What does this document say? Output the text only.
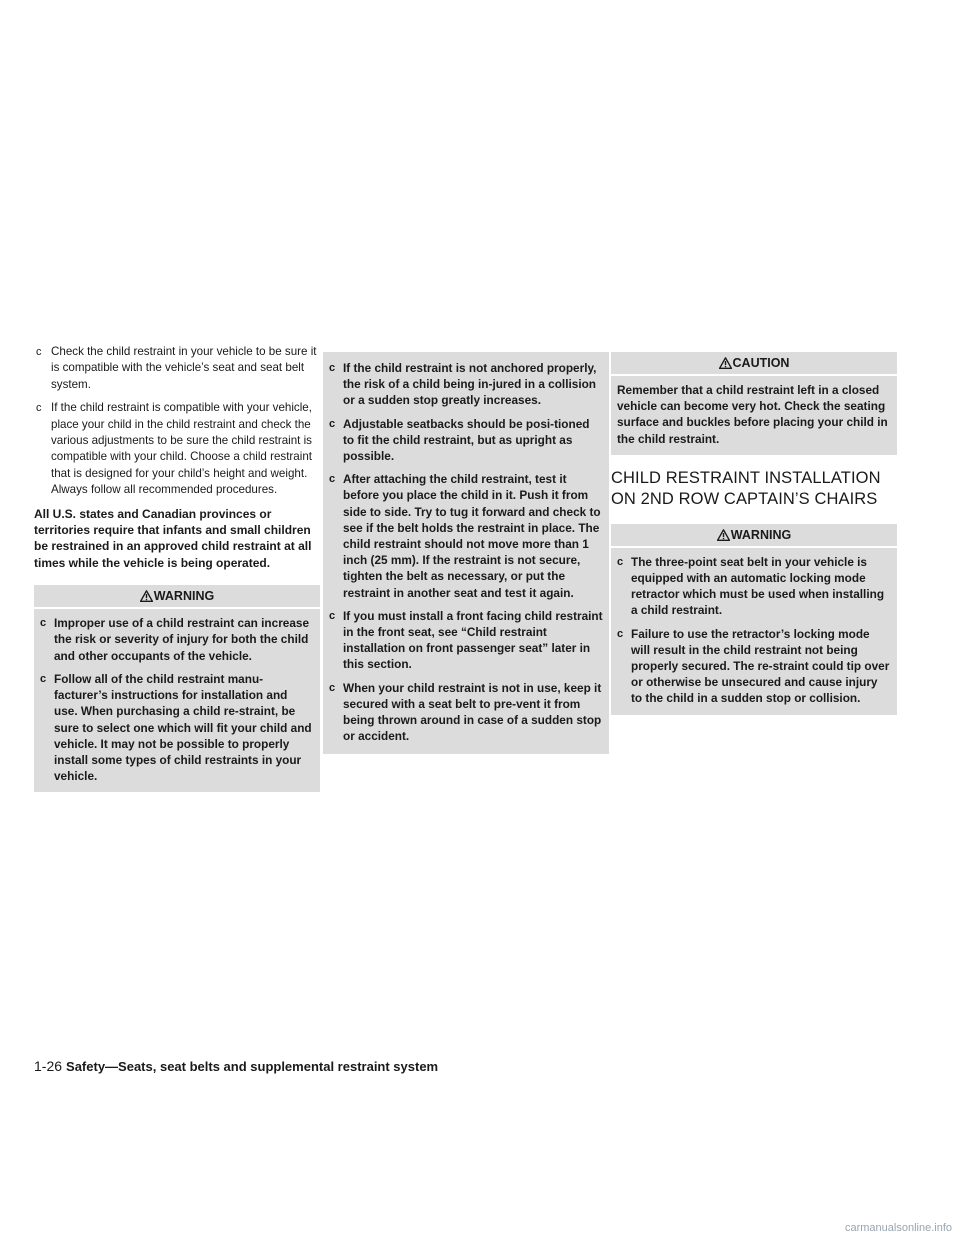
c Check the child restraint in your vehicle to be sure it is compatible with the vehicle’s seat and seat belt system.
c If the child restraint is compatible with your vehicle, place your child in the child restraint and check the various adjustments to be sure the child restraint is compatible with your child. Choose a child restraint that is designed for your child’s height and weight. Always follow all recommended procedures.
All U.S. states and Canadian provinces or territories require that infants and small children be restrained in an approved child restraint at all times while the vehicle is being operated.
WARNING
c Improper use of a child restraint can increase the risk or severity of injury for both the child and other occupants of the vehicle.
c Follow all of the child restraint manu-facturer’s instructions for installation and use. When purchasing a child re-straint, be sure to select one which will fit your child and vehicle. It may not be possible to properly install some types of child restraints in your vehicle.
c If the child restraint is not anchored properly, the risk of a child being in-jured in a collision or a sudden stop greatly increases.
c Adjustable seatbacks should be posi-tioned to fit the child restraint, but as upright as possible.
c After attaching the child restraint, test it before you place the child in it. Push it from side to side. Try to tug it forward and check to see if the belt holds the restraint in place. The child restraint should not move more than 1 inch (25 mm). If the restraint is not secure, tighten the belt as necessary, or put the restraint in another seat and test it again.
c If you must install a front facing child restraint in the front seat, see “Child restraint installation on front passenger seat” later in this section.
c When your child restraint is not in use, keep it secured with a seat belt to pre-vent it from being thrown around in case of a sudden stop or accident.
CAUTION
Remember that a child restraint left in a closed vehicle can become very hot. Check the seating surface and buckles before placing your child in the child restraint.
CHILD RESTRAINT INSTALLATION
ON 2ND ROW CAPTAIN’S CHAIRS
WARNING
c The three-point seat belt in your vehicle is equipped with an automatic locking mode retractor which must be used when installing a child restraint.
c Failure to use the retractor’s locking mode will result in the child restraint not being properly secured. The re-straint could tip over or otherwise be unsecured and cause injury to the child in a sudden stop or collision.
1-26 Safety—Seats, seat belts and supplemental restraint system
carmanualsonline.info
